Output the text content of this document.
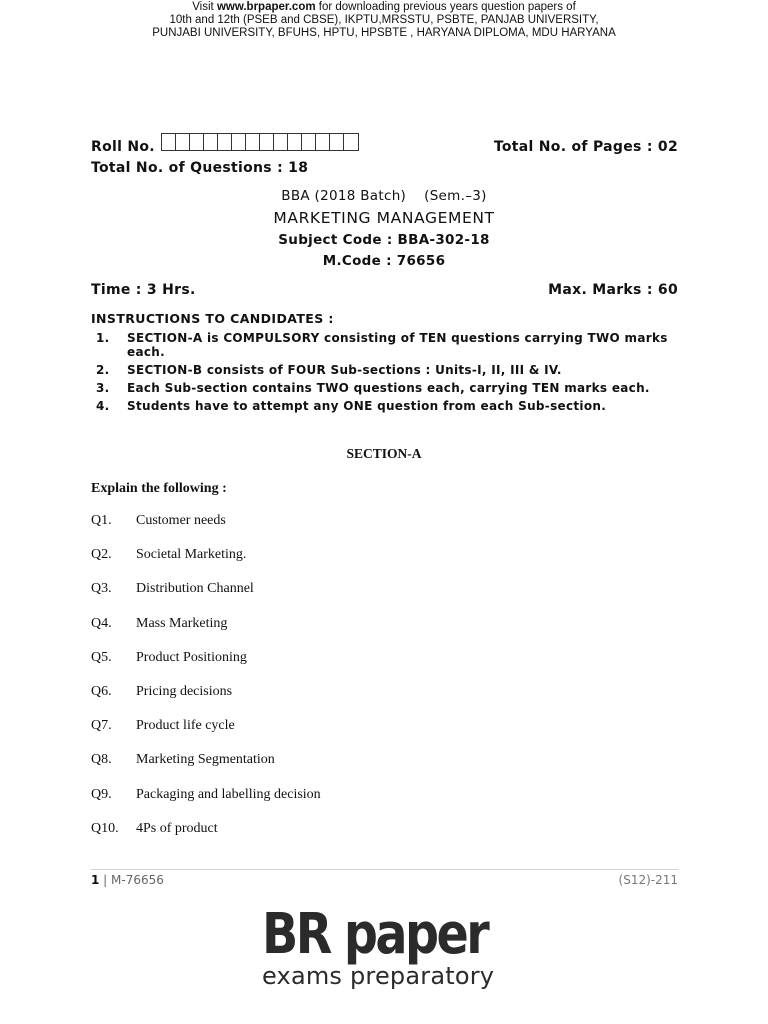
Visit www.brpaper.com for downloading previous years question papers of
10th and 12th (PSEB and CBSE), IKPTU,MRSSTU, PSBTE, PANJAB UNIVERSITY,
PUNJABI UNIVERSITY, BFUHS, HPTU, HPSBTE , HARYANA DIPLOMA, MDU HARYANA
Roll No.	Total No. of Pages : 02
Total No. of Questions : 18
BBA (2018 Batch) (Sem.–3)
MARKETING MANAGEMENT
Subject Code : BBA-302-18
M.Code : 76656
Time : 3 Hrs.	Max. Marks : 60
INSTRUCTIONS TO CANDIDATES :
1. SECTION-A is COMPULSORY consisting of TEN questions carrying TWO marks each.
2. SECTION-B consists of FOUR Sub-sections : Units-I, II, III & IV.
3. Each Sub-section contains TWO questions each, carrying TEN marks each.
4. Students have to attempt any ONE question from each Sub-section.
SECTION-A
Explain the following :
Q1. Customer needs
Q2. Societal Marketing.
Q3. Distribution Channel
Q4. Mass Marketing
Q5. Product Positioning
Q6. Pricing decisions
Q7. Product life cycle
Q8. Marketing Segmentation
Q9. Packaging and labelling decision
Q10. 4Ps of product
1 | M-76656	(S12)-211
BR paper
exams preparatory
